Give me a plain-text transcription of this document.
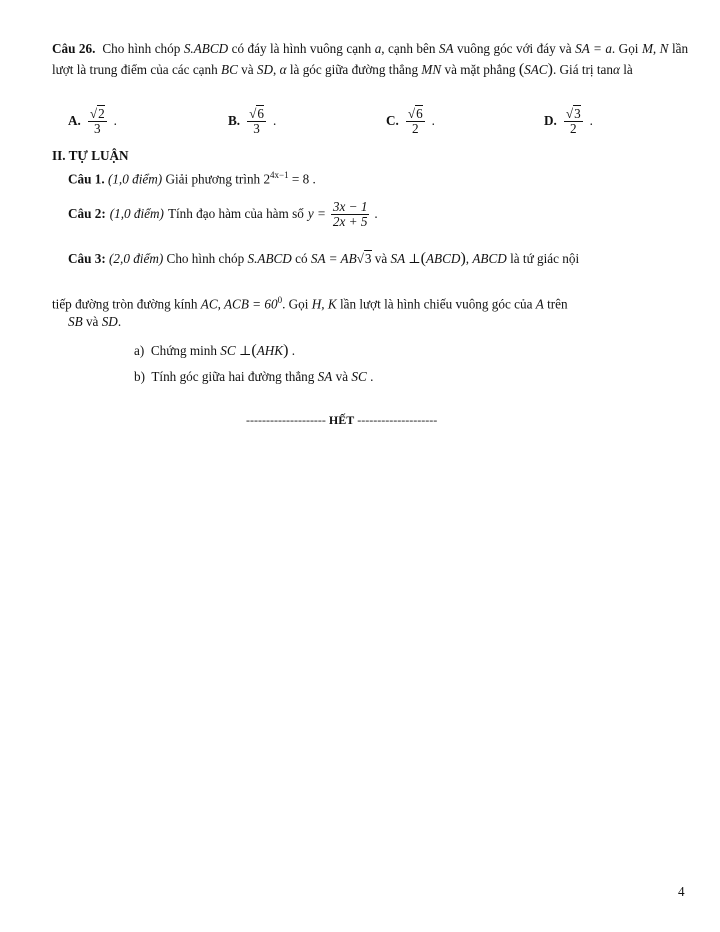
Câu 26. Cho hình chóp S.ABCD có đáy là hình vuông cạnh a, cạnh bên SA vuông góc với đáy và SA = a. Gọi M, N lần lượt là trung điểm của các cạnh BC và SD, α là góc giữa đường thẳng MN và mặt phẳng (SAC). Giá trị tanα là
A. $\frac{√2}{3}$ .	B. $\frac{√6}{3}$ .	C. $\frac{√6}{2}$ .	D. $\frac{√3}{2}$ .
II. TỰ LUẬN
Câu 1. (1,0 điểm) Giải phương trình $2^{4x-1} = 8$ .
Câu 2: (1,0 điểm) Tính đạo hàm của hàm số $y = \frac{3x - 1}{2x + 5}$ .
Câu 3: (2,0 điểm) Cho hình chóp S.ABCD có SA = AB√3 và SA ⊥(ABCD), ABCD là tứ giác nội
tiếp đường tròn đường kính AC, ACB = $60^0$. Gọi H, K lần lượt là hình chiếu vuông góc của A trên
SB và SD.
a) Chứng minh SC ⊥(AHK) .
b) Tính góc giữa hai đường thẳng SA và SC .
-------------------- HẾT --------------------
4
